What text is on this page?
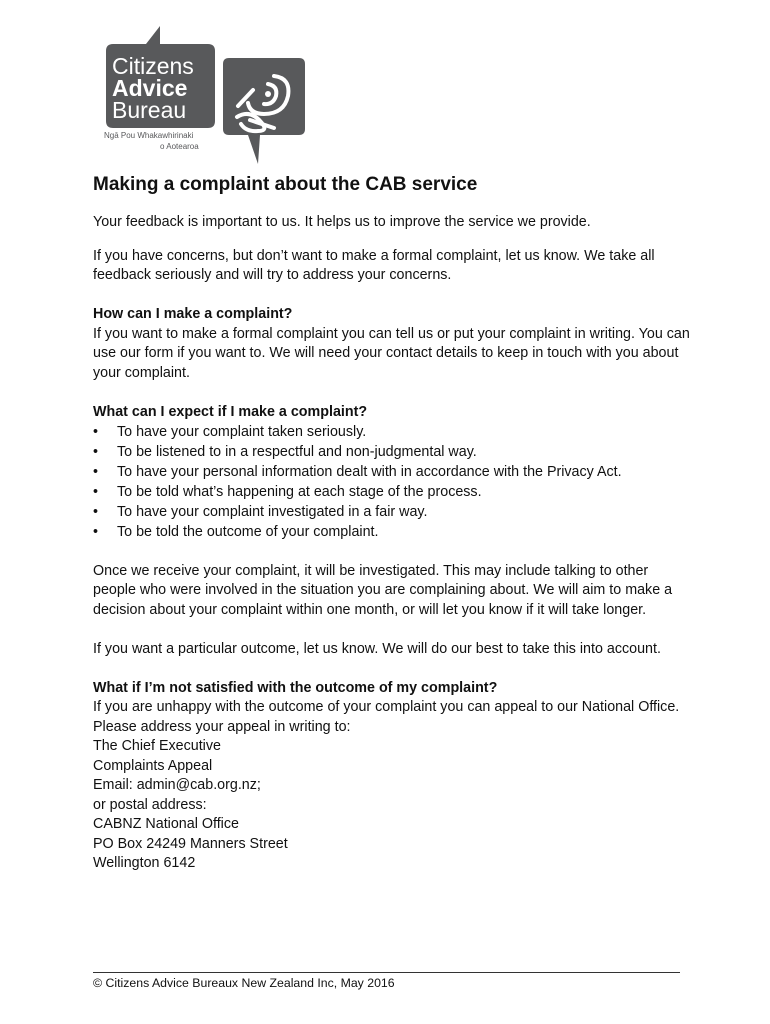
Citizens
Advice
Bureau
Ngā Pou Whakawhirinaki
o Aotearoa
Making a complaint about the CAB service

Your feedback is important to us. It helps us to improve the service we provide.

If you have concerns, but don’t want to make a formal complaint, let us know. We take all feedback seriously and will try to address your concerns.

How can I make a complaint?

If you want to make a formal complaint you can tell us or put your complaint in writing. You can use our form if you want to. We will need your contact details to keep in touch with you about your complaint.

What can I expect if I make a complaint?

• To have your complaint taken seriously.
• To be listened to in a respectful and non-judgmental way.
• To have your personal information dealt with in accordance with the Privacy Act.
• To be told what’s happening at each stage of the process.
• To have your complaint investigated in a fair way.
• To be told the outcome of your complaint.

Once we receive your complaint, it will be investigated. This may include talking to other people who were involved in the situation you are complaining about. We will aim to make a decision about your complaint within one month, or will let you know if it will take longer.

If you want a particular outcome, let us know. We will do our best to take this into account.

What if I’m not satisfied with the outcome of my complaint?

If you are unhappy with the outcome of your complaint you can appeal to our National Office. Please address your appeal in writing to:

The Chief Executive

Complaints Appeal

Email: admin@cab.org.nz;

or postal address:

CABNZ National Office

PO Box 24249 Manners Street

Wellington 6142

© Citizens Advice Bureaux New Zealand Inc, May 2016
